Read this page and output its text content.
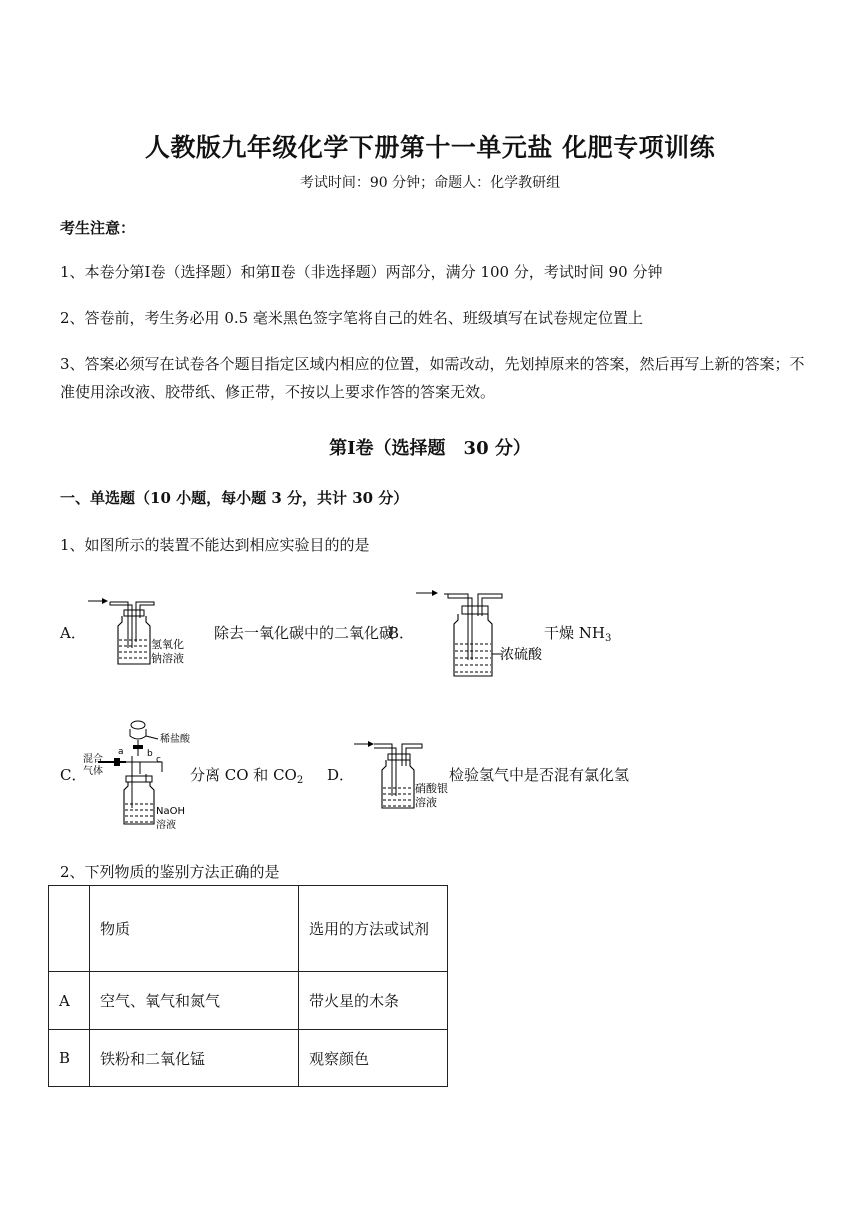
人教版九年级化学下册第十一单元盐 化肥专项训练
考试时间：90 分钟；命题人：化学教研组
考生注意：
1、本卷分第Ⅰ卷（选择题）和第Ⅱ卷（非选择题）两部分，满分 100 分，考试时间 90 分钟
2、答卷前，考生务必用 0.5 毫米黑色签字笔将自己的姓名、班级填写在试卷规定位置上
3、答案必须写在试卷各个题目指定区域内相应的位置，如需改动，先划掉原来的答案，然后再写上新的答案；不准使用涂改液、胶带纸、修正带，不按以上要求作答的答案无效。
第Ⅰ卷（选择题　30 分）
一、单选题（10 小题，每小题 3 分，共计 30 分）
1、如图所示的装置不能达到相应实验目的的是
A．
氢氧化
钠溶液
除去一氧化碳中的二氧化碳
B．
浓硫酸
干燥 $NH_3$
C．
稀盐酸
a	b
c
混合
气体
NaOH
溶液
分离 CO 和 $CO_2$ D．
硝酸银
溶液
检验氢气中是否混有氯化氢
2、下列物质的鉴别方法正确的是
	物质	选用的方法或试剂
A	空气、氧气和氮气	带火星的木条
B	铁粉和二氧化锰	观察颜色
